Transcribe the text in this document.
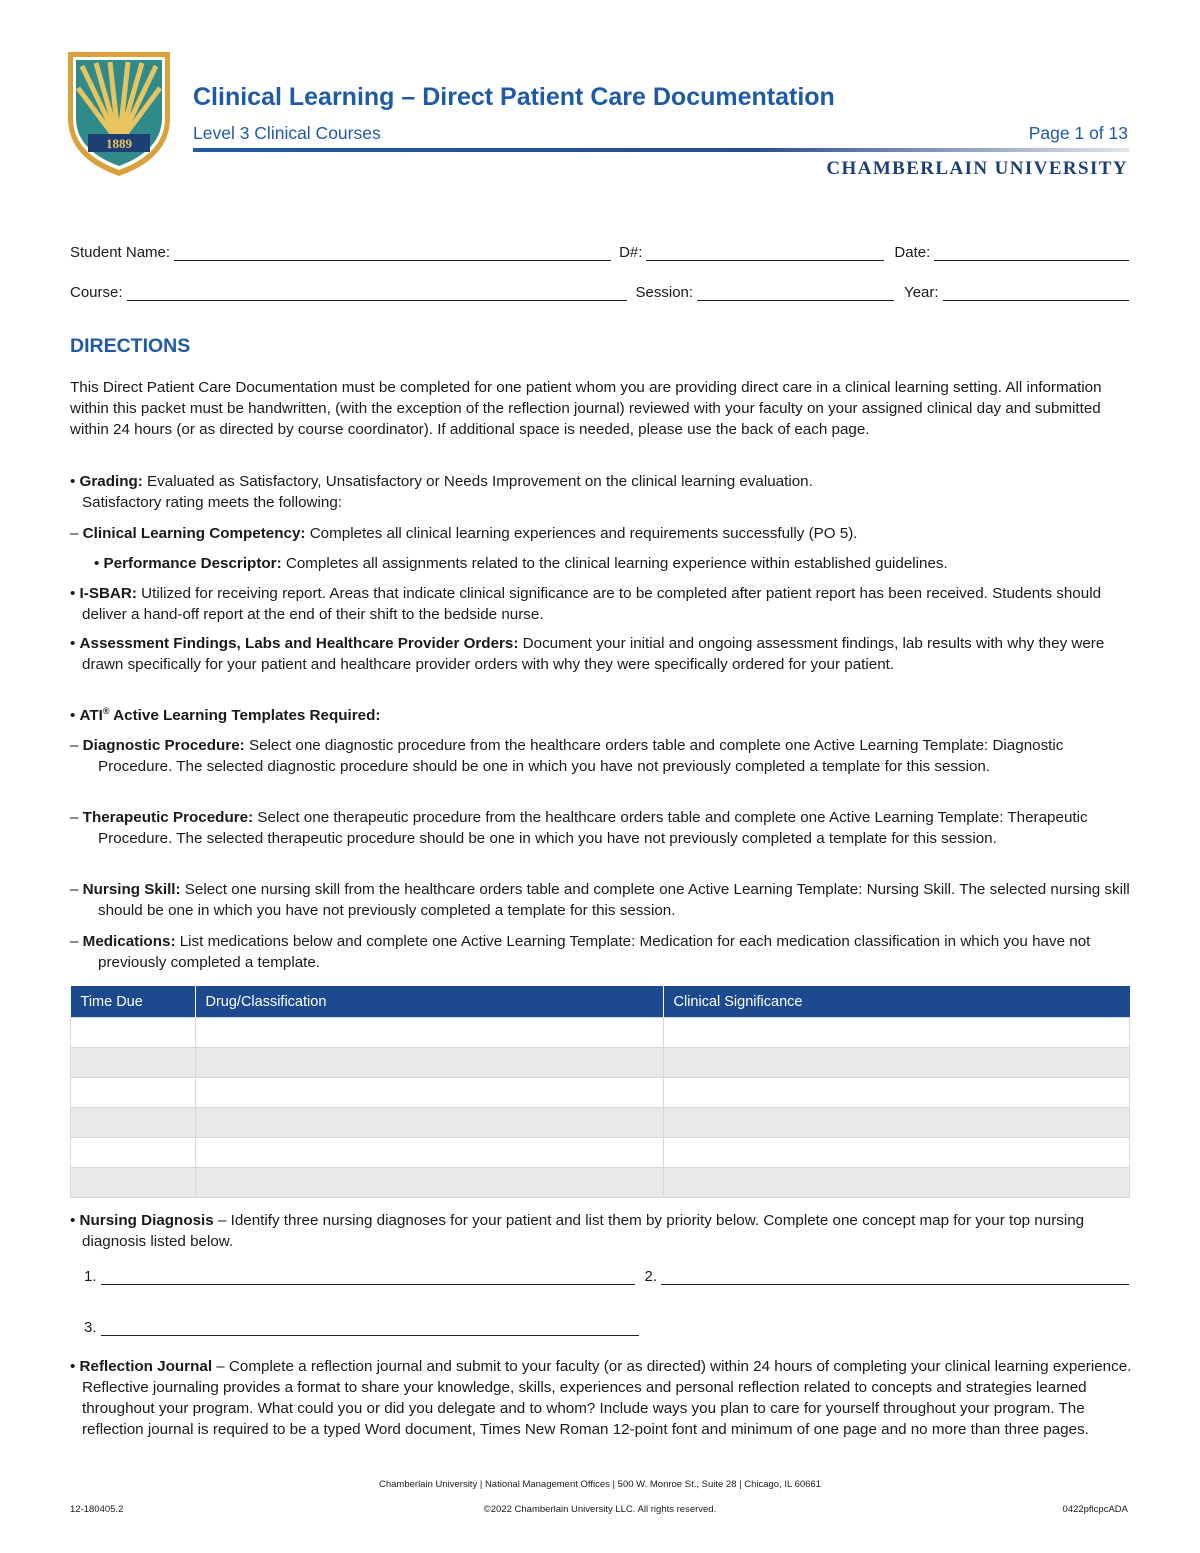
1889
Clinical Learning – Direct Patient Care Documentation
Level 3 Clinical Courses	Page 1 of 13
CHAMBERLAIN UNIVERSITY
Student Name:	D#:	Date:
Course:	Session:	Year:
DIRECTIONS

This Direct Patient Care Documentation must be completed for one patient whom you are providing direct care in a clinical learning setting. All information within this packet must be handwritten, (with the exception of the reflection journal) reviewed with your faculty on your assigned clinical day and submitted within 24 hours (or as directed by course coordinator). If additional space is needed, please use the back of each page.

• Grading: Evaluated as Satisfactory, Unsatisfactory or Needs Improvement on the clinical learning evaluation.
Satisfactory rating meets the following:

– Clinical Learning Competency: Completes all clinical learning experiences and requirements successfully (PO 5).

• Performance Descriptor: Completes all assignments related to the clinical learning experience within established guidelines.

• I-SBAR: Utilized for receiving report. Areas that indicate clinical significance are to be completed after patient report has been received. Students should deliver a hand-off report at the end of their shift to the bedside nurse.

• Assessment Findings, Labs and Healthcare Provider Orders: Document your initial and ongoing assessment findings, lab results with why they were drawn specifically for your patient and healthcare provider orders with why they were specifically ordered for your patient.

• ATI® Active Learning Templates Required:

– Diagnostic Procedure: Select one diagnostic procedure from the healthcare orders table and complete one Active Learning Template: Diagnostic Procedure. The selected diagnostic procedure should be one in which you have not previously completed a template for this session.

– Therapeutic Procedure: Select one therapeutic procedure from the healthcare orders table and complete one Active Learning Template: Therapeutic Procedure. The selected therapeutic procedure should be one in which you have not previously completed a template for this session.

– Nursing Skill: Select one nursing skill from the healthcare orders table and complete one Active Learning Template: Nursing Skill. The selected nursing skill should be one in which you have not previously completed a template for this session.

– Medications: List medications below and complete one Active Learning Template: Medication for each medication classification in which you have not previously completed a template.

Time Due	Drug/Classification	Clinical Significance

• Nursing Diagnosis – Identify three nursing diagnoses for your patient and list them by priority below. Complete one concept map for your top nursing diagnosis listed below.

1.	2.
3.

• Reflection Journal – Complete a reflection journal and submit to your faculty (or as directed) within 24 hours of completing your clinical learning experience. Reflective journaling provides a format to share your knowledge, skills, experiences and personal reflection related to concepts and strategies learned throughout your program. What could you or did you delegate and to whom? Include ways you plan to care for yourself throughout your program. The reflection journal is required to be a typed Word document, Times New Roman 12-point font and minimum of one page and no more than three pages.

Chamberlain University | National Management Offices | 500 W. Monroe St., Suite 28 | Chicago, IL 60661
©2022 Chamberlain University LLC. All rights reserved.
12-180405.2	0422pflcpcADA
